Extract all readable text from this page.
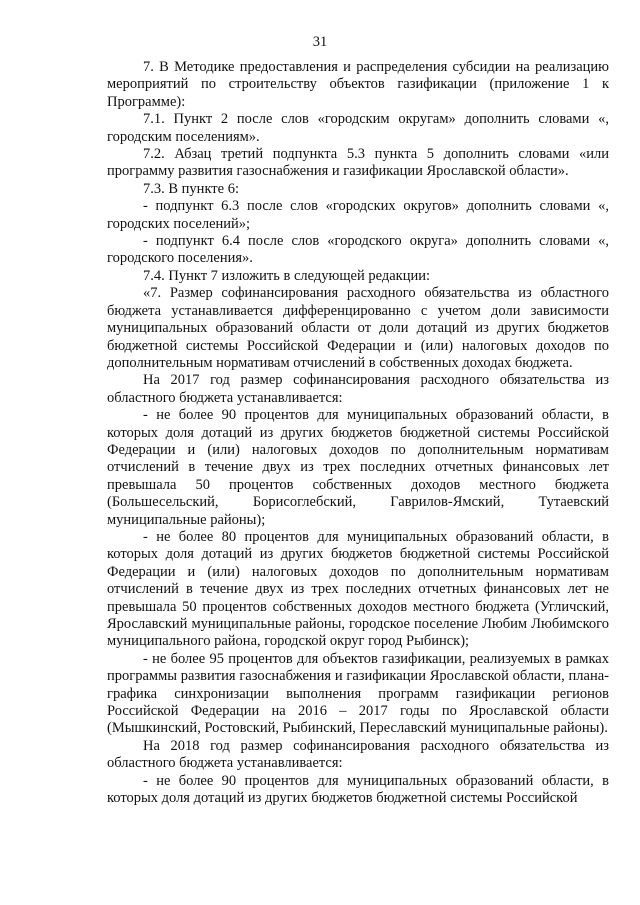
31

7. В Методике предоставления и распределения субсидии на реализацию мероприятий по строительству объектов газификации (приложение 1 к Программе):

7.1. Пункт 2 после слов «городским округам» дополнить словами «, городским поселениям».

7.2. Абзац третий подпункта 5.3 пункта 5 дополнить словами «или программу развития газоснабжения и газификации Ярославской области».

7.3. В пункте 6:

- подпункт 6.3 после слов «городских округов» дополнить словами «, городских поселений»;

- подпункт 6.4 после слов «городского округа» дополнить словами «, городского поселения».

7.4. Пункт 7 изложить в следующей редакции:

«7. Размер софинансирования расходного обязательства из областного бюджета устанавливается дифференцированно с учетом доли зависимости муниципальных образований области от доли дотаций из других бюджетов бюджетной системы Российской Федерации и (или) налоговых доходов по дополнительным нормативам отчислений в собственных доходах бюджета.

На 2017 год размер софинансирования расходного обязательства из областного бюджета устанавливается:

- не более 90 процентов для муниципальных образований области, в которых доля дотаций из других бюджетов бюджетной системы Российской Федерации и (или) налоговых доходов по дополнительным нормативам отчислений в течение двух из трех последних отчетных финансовых лет превышала 50 процентов собственных доходов местного бюджета (Большесельский, Борисоглебский, Гаврилов-Ямский, Тутаевский муниципальные районы);

- не более 80 процентов для муниципальных образований области, в которых доля дотаций из других бюджетов бюджетной системы Российской Федерации и (или) налоговых доходов по дополнительным нормативам отчислений в течение двух из трех последних отчетных финансовых лет не превышала 50 процентов собственных доходов местного бюджета (Угличский, Ярославский муниципальные районы, городское поселение Любим Любимского муниципального района, городской округ город Рыбинск);

- не более 95 процентов для объектов газификации, реализуемых в рамках программы развития газоснабжения и газификации Ярославской области, плана-графика синхронизации выполнения программ газификации регионов Российской Федерации на 2016 – 2017 годы по Ярославской области (Мышкинский, Ростовский, Рыбинский, Переславский муниципальные районы).

На 2018 год размер софинансирования расходного обязательства из областного бюджета устанавливается:

- не более 90 процентов для муниципальных образований области, в которых доля дотаций из других бюджетов бюджетной системы Российской
